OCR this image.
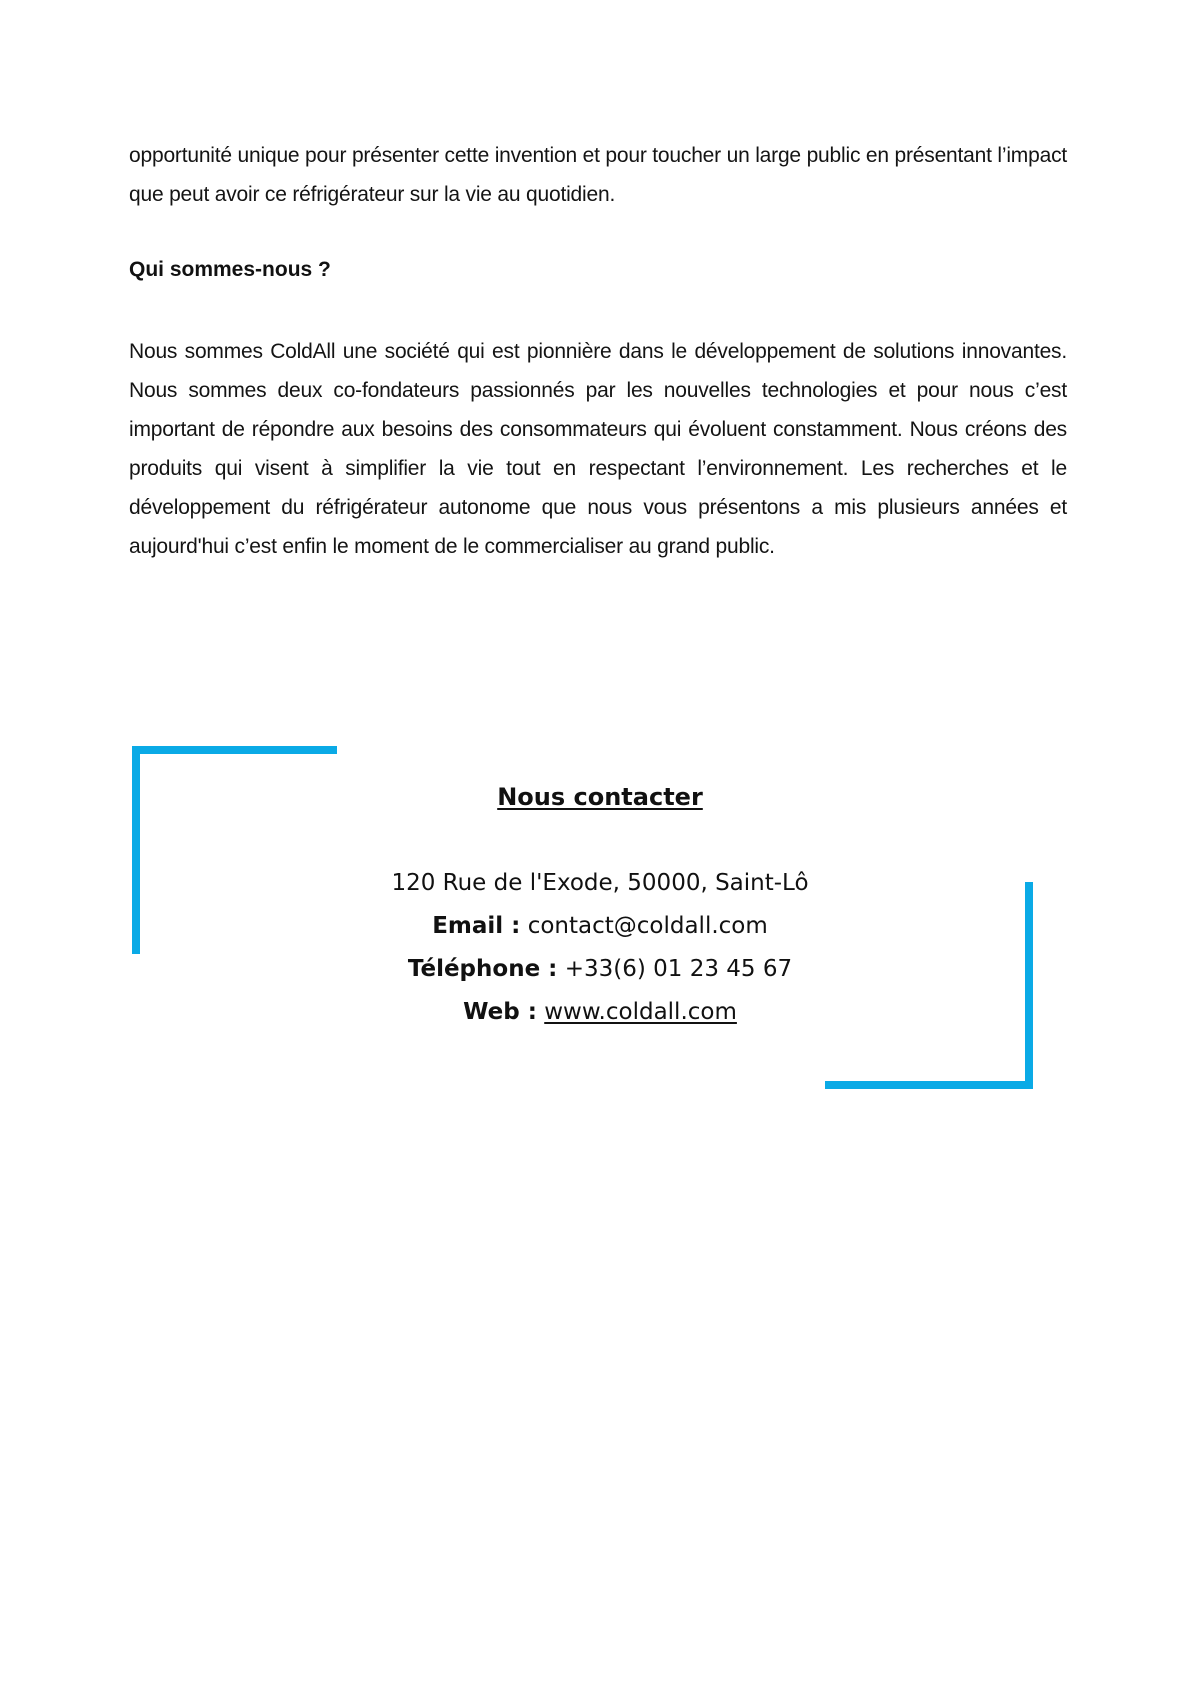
opportunité unique pour présenter cette invention et pour toucher un large public en présentant l’impact que peut avoir ce réfrigérateur sur la vie au quotidien.

Qui sommes-nous ?

Nous sommes ColdAll une société qui est pionnière dans le développement de solutions innovantes. Nous sommes deux co-fondateurs passionnés par les nouvelles technologies et pour nous c’est important de répondre aux besoins des consommateurs qui évoluent constamment. Nous créons des produits qui visent à simplifier la vie tout en respectant l’environnement. Les recherches et le développement du réfrigérateur autonome que nous vous présentons a mis plusieurs années et aujourd'hui c’est enfin le moment de le commercialiser au grand public.

Nous contacter
120 Rue de l'Exode, 50000, Saint-Lô
Email : contact@coldall.com
Téléphone : +33(6) 01 23 45 67
Web : www.coldall.com
